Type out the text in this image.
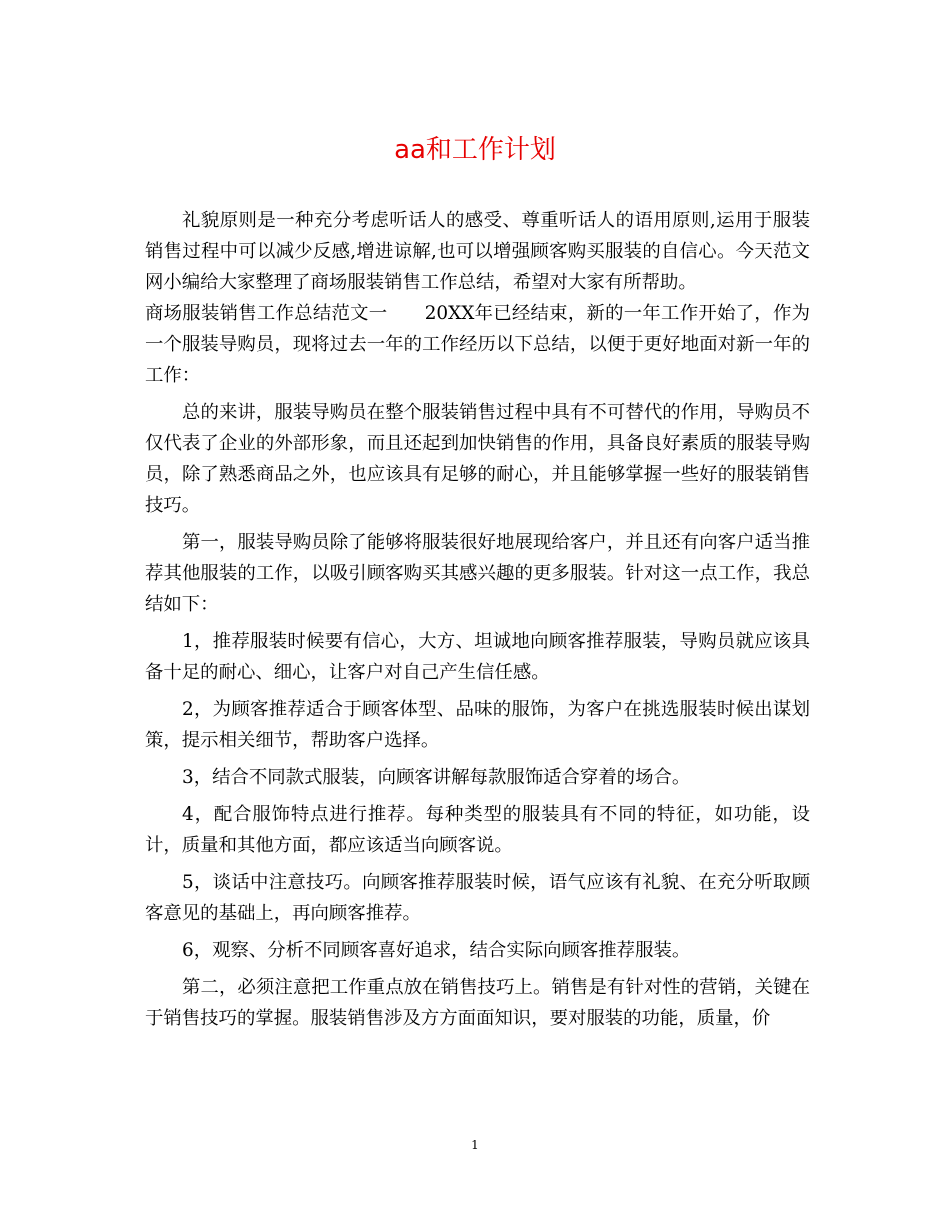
aa和工作计划

礼貌原则是一种充分考虑听话人的感受、尊重听话人的语用原则,运用于服装销售过程中可以减少反感,增进谅解,也可以增强顾客购买服装的自信心。今天范文网小编给大家整理了商场服装销售工作总结，希望对大家有所帮助。

商场服装销售工作总结范文一　　20XX年已经结束，新的一年工作开始了，作为一个服装导购员，现将过去一年的工作经历以下总结，以便于更好地面对新一年的工作：

总的来讲，服装导购员在整个服装销售过程中具有不可替代的作用，导购员不仅代表了企业的外部形象，而且还起到加快销售的作用，具备良好素质的服装导购员，除了熟悉商品之外，也应该具有足够的耐心，并且能够掌握一些好的服装销售技巧。

第一，服装导购员除了能够将服装很好地展现给客户，并且还有向客户适当推荐其他服装的工作，以吸引顾客购买其感兴趣的更多服装。针对这一点工作，我总结如下：

1，推荐服装时候要有信心，大方、坦诚地向顾客推荐服装，导购员就应该具备十足的耐心、细心，让客户对自己产生信任感。

2，为顾客推荐适合于顾客体型、品味的服饰，为客户在挑选服装时候出谋划策，提示相关细节，帮助客户选择。

3，结合不同款式服装，向顾客讲解每款服饰适合穿着的场合。

4，配合服饰特点进行推荐。每种类型的服装具有不同的特征，如功能，设计，质量和其他方面，都应该适当向顾客说。

5，谈话中注意技巧。向顾客推荐服装时候，语气应该有礼貌、在充分听取顾客意见的基础上，再向顾客推荐。

6，观察、分析不同顾客喜好追求，结合实际向顾客推荐服装。

第二，必须注意把工作重点放在销售技巧上。销售是有针对性的营销，关键在于销售技巧的掌握。服装销售涉及方方面面知识，要对服装的功能，质量，价

1
